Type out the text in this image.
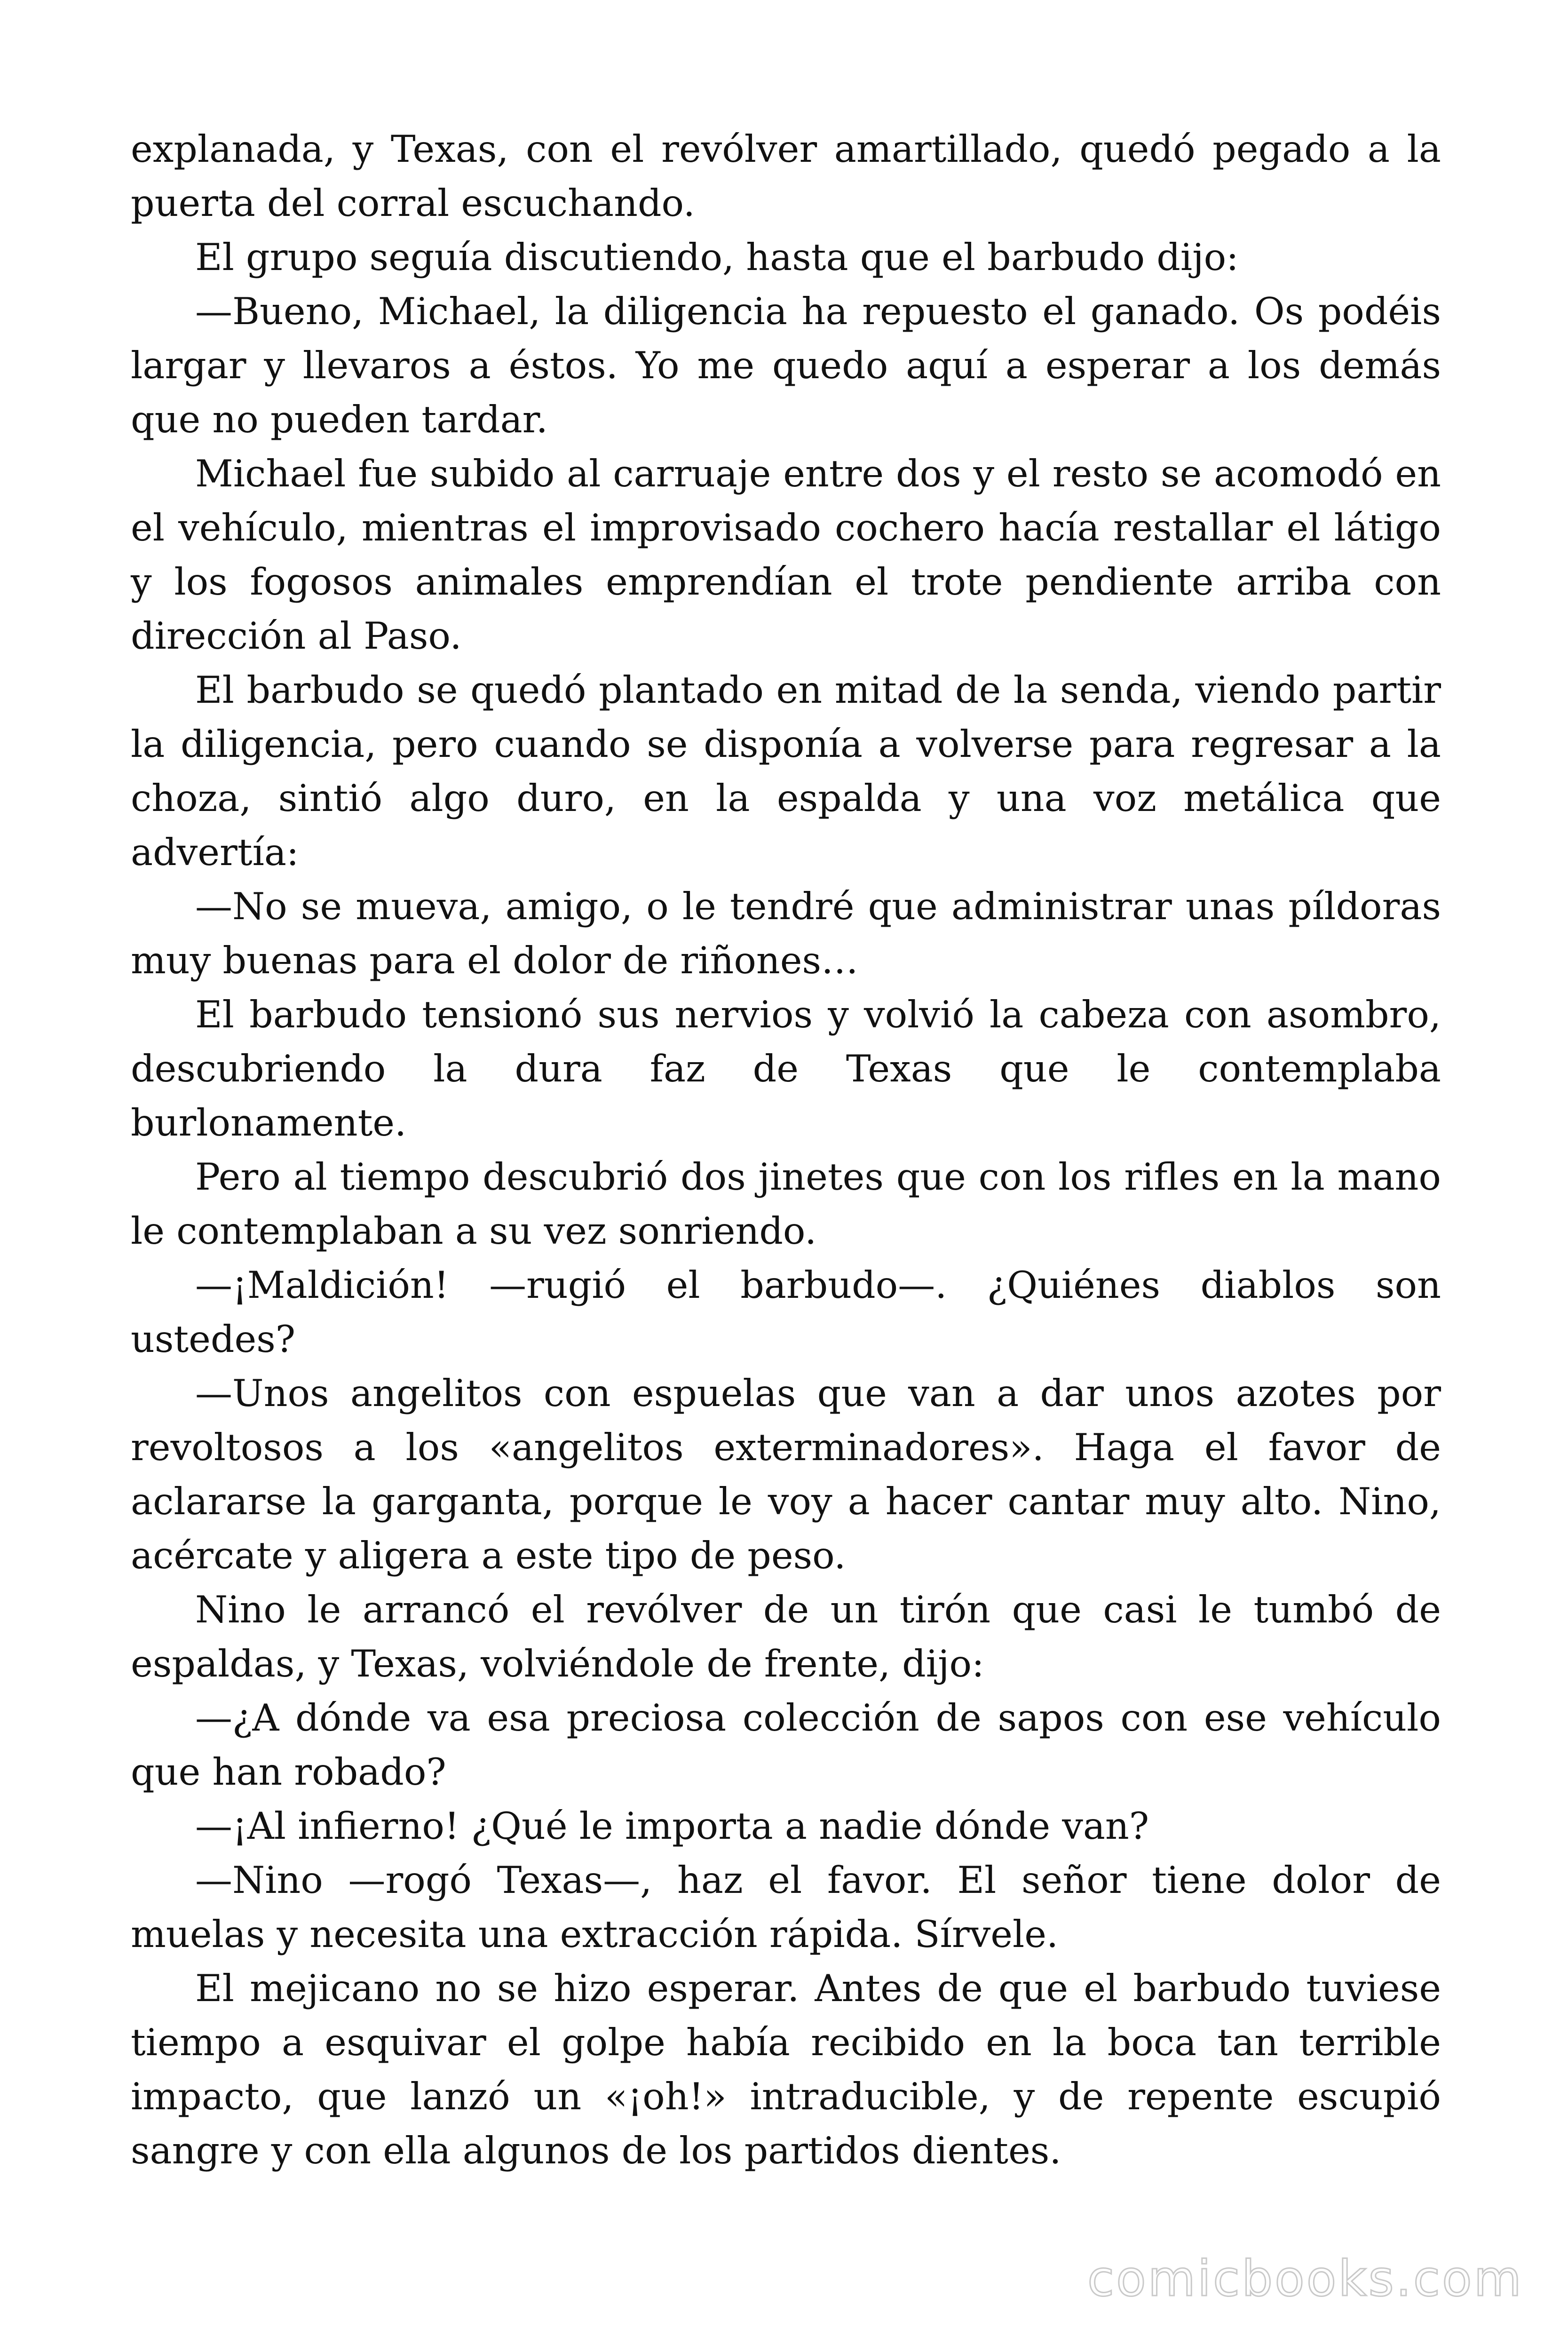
explanada, y Texas, con el revólver amartillado, quedó pegado a la puerta del corral escuchando.

El grupo seguía discutiendo, hasta que el barbudo dijo:

—Bueno, Michael, la diligencia ha repuesto el ganado. Os podéis largar y llevaros a éstos. Yo me quedo aquí a esperar a los demás que no pueden tardar.

Michael fue subido al carruaje entre dos y el resto se acomodó en el vehículo, mientras el improvisado cochero hacía restallar el látigo y los fogosos animales emprendían el trote pendiente arriba con dirección al Paso.

El barbudo se quedó plantado en mitad de la senda, viendo partir la diligencia, pero cuando se disponía a volverse para regresar a la choza, sintió algo duro, en la espalda y una voz metálica que advertía:

—No se mueva, amigo, o le tendré que administrar unas píldoras muy buenas para el dolor de riñones…

El barbudo tensionó sus nervios y volvió la cabeza con asombro, descubriendo la dura faz de Texas que le contemplaba burlonamente.

Pero al tiempo descubrió dos jinetes que con los rifles en la mano le contemplaban a su vez sonriendo.

—¡Maldición! —rugió el barbudo—. ¿Quiénes diablos son ustedes?

—Unos angelitos con espuelas que van a dar unos azotes por revoltosos a los «angelitos exterminadores». Haga el favor de aclararse la garganta, porque le voy a hacer cantar muy alto. Nino, acércate y aligera a este tipo de peso.

Nino le arrancó el revólver de un tirón que casi le tumbó de espaldas, y Texas, volviéndole de frente, dijo:

—¿A dónde va esa preciosa colección de sapos con ese vehículo que han robado?

—¡Al infierno! ¿Qué le importa a nadie dónde van?

—Nino —rogó Texas—, haz el favor. El señor tiene dolor de muelas y necesita una extracción rápida. Sírvele.

El mejicano no se hizo esperar. Antes de que el barbudo tuviese tiempo a esquivar el golpe había recibido en la boca tan terrible impacto, que lanzó un «¡oh!» intraducible, y de repente escupió sangre y con ella algunos de los partidos dientes.

comicbooks.com
